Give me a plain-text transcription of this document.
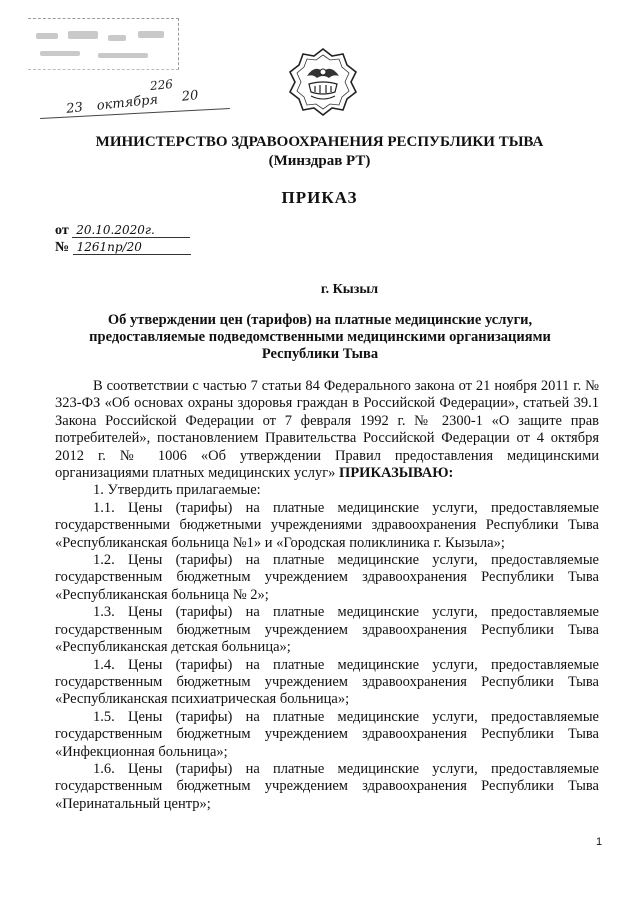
226
23 октября 20
МИНИСТЕРСТВО ЗДРАВООХРАНЕНИЯ РЕСПУБЛИКИ ТЫВА
(Минздрав РТ)
ПРИКАЗ
от 20.10.2020г.
№ 1261пр/20
г. Кызыл
Об утверждении цен (тарифов) на платные медицинские услуги,
предоставляемые подведомственными медицинскими организациями
Республики Тыва

В соответствии с частью 7 статьи 84 Федерального закона от 21 ноября 2011 г. № 323-ФЗ «Об основах охраны здоровья граждан в Российской Федерации», статьей 39.1 Закона Российской Федерации от 7 февраля 1992 г. № 2300-1 «О защите прав потребителей», постановлением Правительства Российской Федерации от 4 октября 2012 г. № 1006 «Об утверждении Правил предоставления медицинскими организациями платных медицинских услуг» ПРИКАЗЫВАЮ:

1. Утвердить прилагаемые:

1.1. Цены (тарифы) на платные медицинские услуги, предоставляемые государственными бюджетными учреждениями здравоохранения Республики Тыва «Республиканская больница №1» и «Городская поликлиника г. Кызыла»;

1.2. Цены (тарифы) на платные медицинские услуги, предоставляемые государственным бюджетным учреждением здравоохранения Республики Тыва «Республиканская больница № 2»;

1.3. Цены (тарифы) на платные медицинские услуги, предоставляемые государственным бюджетным учреждением здравоохранения Республики Тыва «Республиканская детская больница»;

1.4. Цены (тарифы) на платные медицинские услуги, предоставляемые государственным бюджетным учреждением здравоохранения Республики Тыва «Республиканская психиатрическая больница»;

1.5. Цены (тарифы) на платные медицинские услуги, предоставляемые государственным бюджетным учреждением здравоохранения Республики Тыва «Инфекционная больница»;

1.6. Цены (тарифы) на платные медицинские услуги, предоставляемые государственным бюджетным учреждением здравоохранения Республики Тыва «Перинатальный центр»;

1
